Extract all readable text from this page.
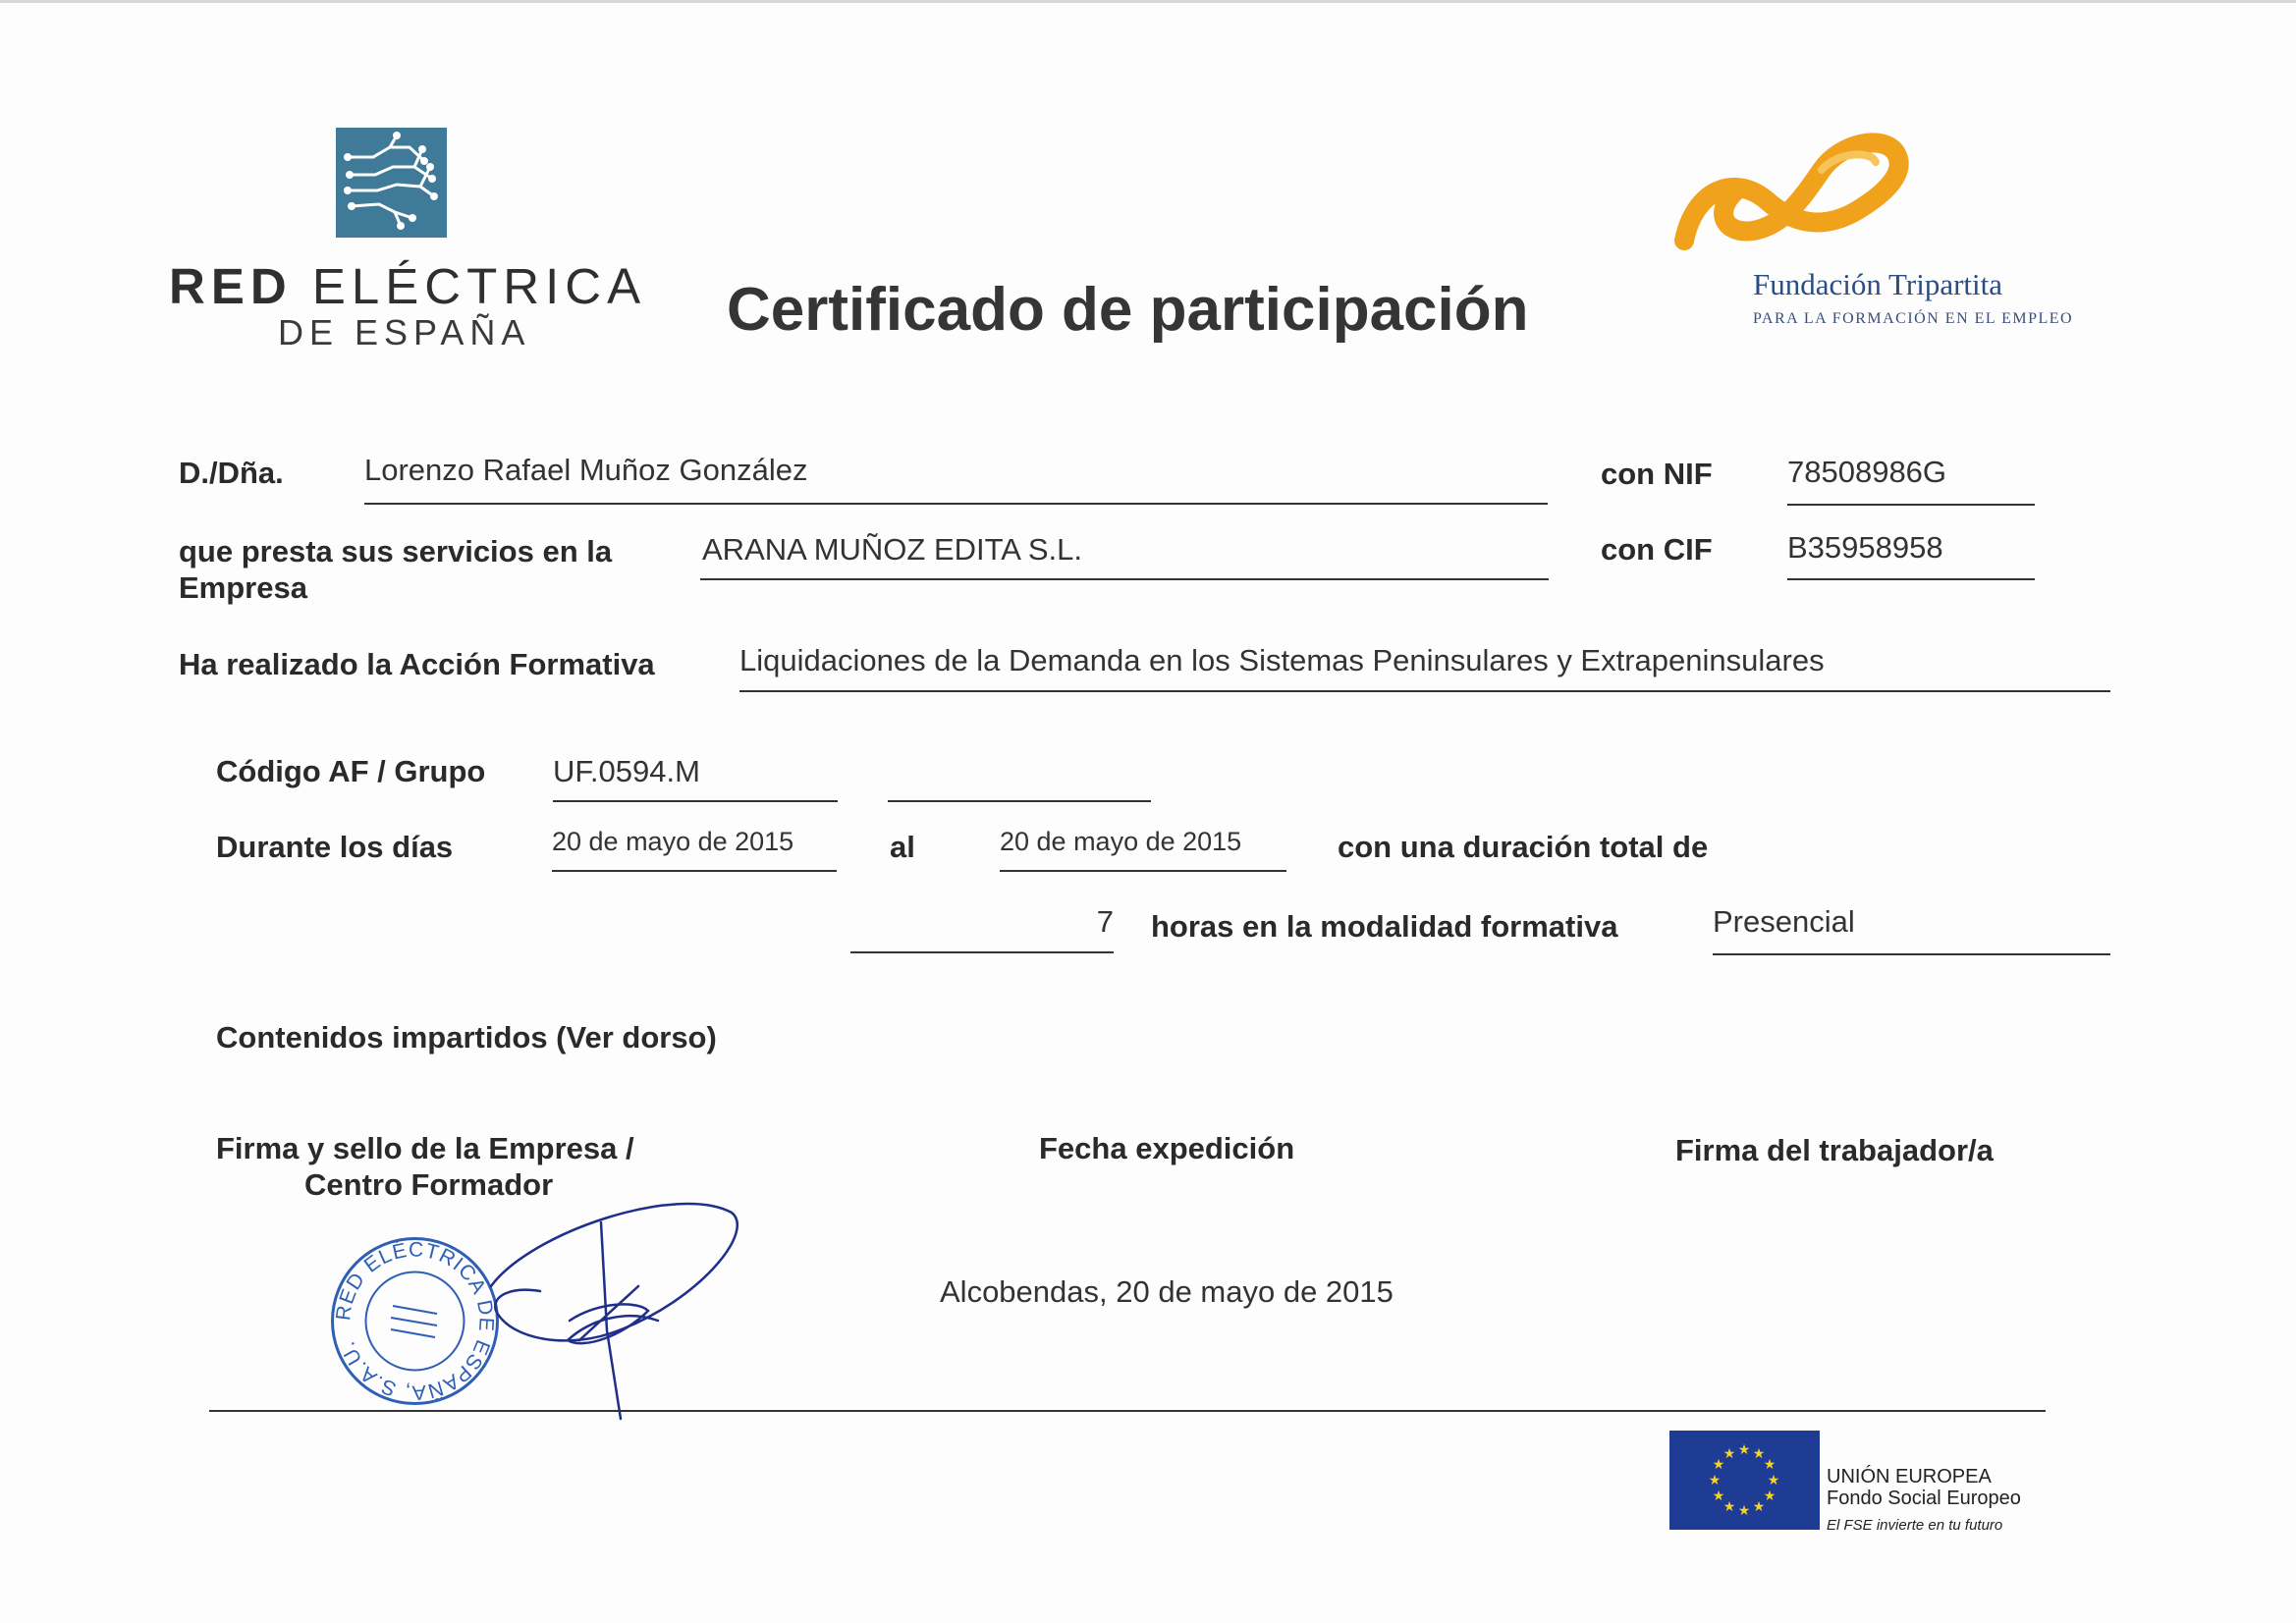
RED ELÉCTRICA
DE ESPAÑA	Certificado de participación	Fundación Tripartita
PARA LA FORMACIÓN EN EL EMPLEO
D./Dña.	Lorenzo Rafael Muñoz González	con NIF 78508986G
que presta sus servicios en la
Empresa
ARANA MUÑOZ EDITA S.L.	con CIF B35958958
Ha realizado la Acción Formativa	Liquidaciones de la Demanda en los Sistemas Peninsulares y Extrapeninsulares
Código AF / Grupo UF.0594.M
Durante los días	20 de mayo de 2015	al	20 de mayo de 2015	con una duración total de
7 horas en la modalidad formativa	Presencial
Contenidos impartidos (Ver dorso)
Firma y sello de la Empresa /
Centro Formador
Fecha expedición	Firma del trabajador/a
RED ELÉCTRICA DE ESPAÑA, S.A.U.
Alcobendas, 20 de mayo de 2015
★ ★
★
★
★
★
★
★
★
★
★
★
UNIÓN EUROPEA
Fondo Social Europeo
El FSE invierte en tu futuro
